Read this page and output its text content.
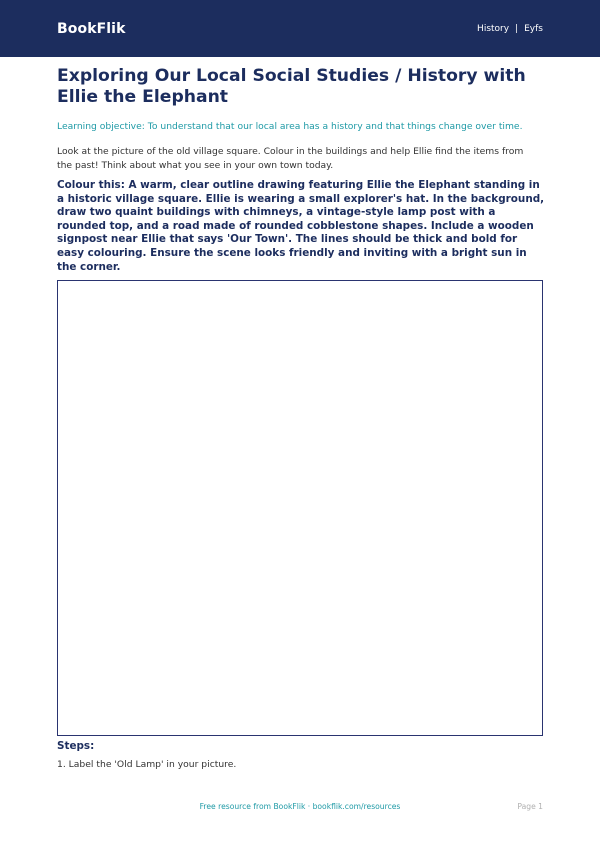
BookFlik	History | Eyfs
Exploring Our Local Social Studies / History with Ellie the Elephant

Learning objective: To understand that our local area has a history and that things change over time.

Look at the picture of the old village square. Colour in the buildings and help Ellie find the items from the past! Think about what you see in your own town today.

Colour this: A warm, clear outline drawing featuring Ellie the Elephant standing in a historic village square. Ellie is wearing a small explorer's hat. In the background, draw two quaint buildings with chimneys, a vintage-style lamp post with a rounded top, and a road made of rounded cobblestone shapes. Include a wooden signpost near Ellie that says 'Our Town'. The lines should be thick and bold for easy colouring. Ensure the scene looks friendly and inviting with a bright sun in the corner.

Steps:

1. Label the 'Old Lamp' in your picture.
Free resource from BookFlik · bookflik.com/resources	Page 1
